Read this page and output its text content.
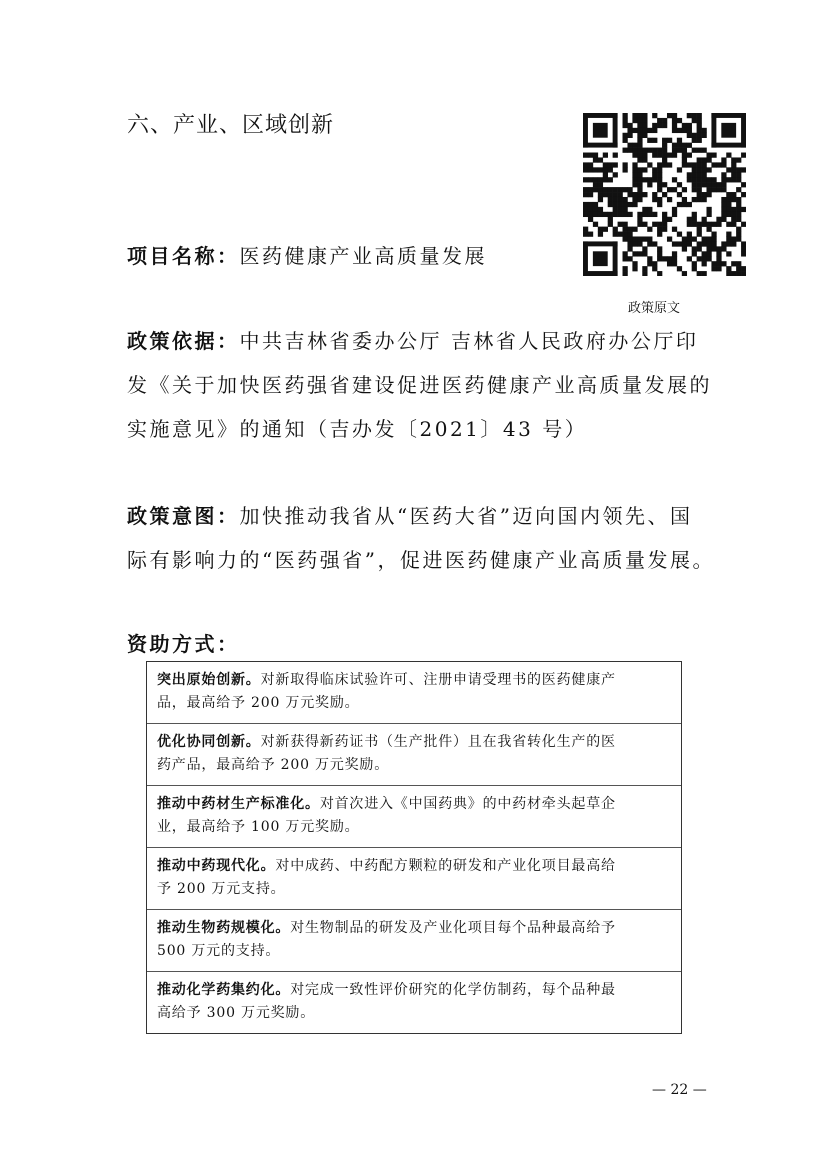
六、产业、区域创新
政策原文
项目名称：医药健康产业高质量发展
政策依据：中共吉林省委办公厅 吉林省人民政府办公厅印
发《关于加快医药强省建设促进医药健康产业高质量发展的
实施意见》的通知（吉办发〔2021〕43 号）
政策意图：加快推动我省从“医药大省”迈向国内领先、国
际有影响力的“医药强省”，促进医药健康产业高质量发展。
资助方式：
突出原始创新。对新取得临床试验许可、注册申请受理书的医药健康产
品，最高给予 200 万元奖励。
优化协同创新。对新获得新药证书（生产批件）且在我省转化生产的医
药产品，最高给予 200 万元奖励。
推动中药材生产标准化。对首次进入《中国药典》的中药材牵头起草企
业，最高给予 100 万元奖励。
推动中药现代化。对中成药、中药配方颗粒的研发和产业化项目最高给
予 200 万元支持。
推动生物药规模化。对生物制品的研发及产业化项目每个品种最高给予
500 万元的支持。
推动化学药集约化。对完成一致性评价研究的化学仿制药，每个品种最
高给予 300 万元奖励。
— 22 —
